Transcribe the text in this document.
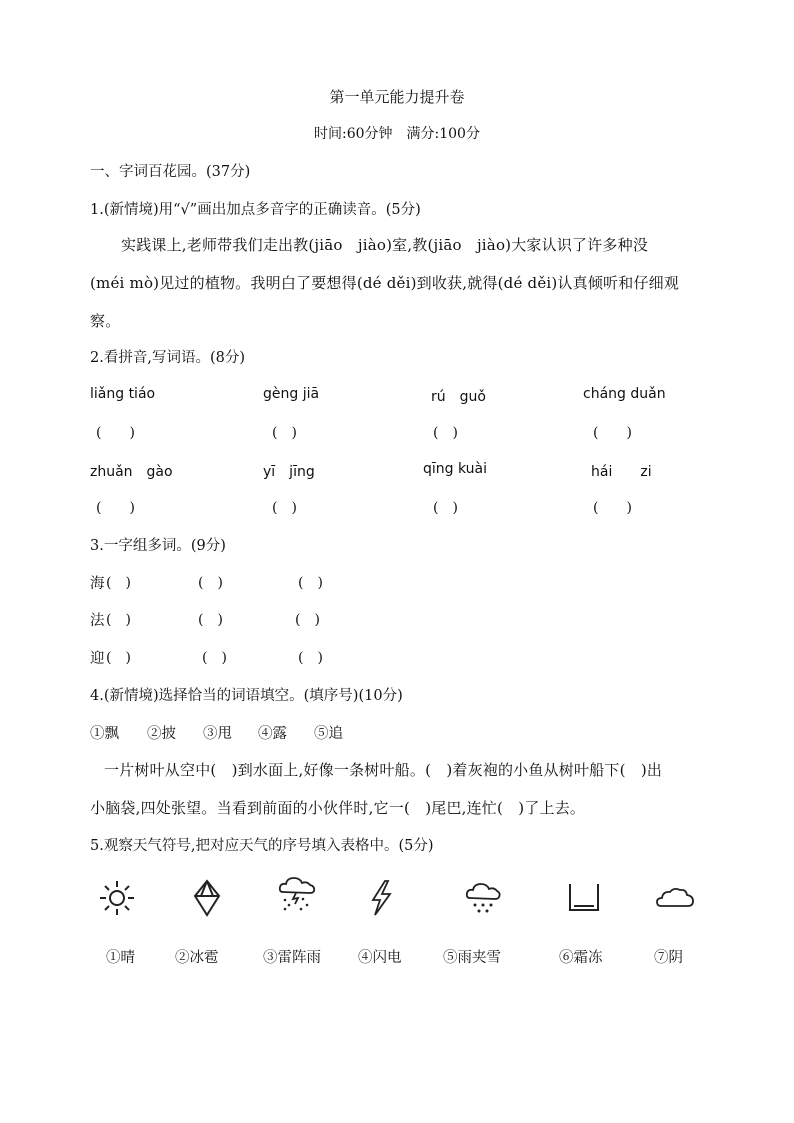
第一单元能力提升卷
时间:60分钟　满分:100分
一、字词百花园。(37分)
1.(新情境)用“√”画出加点多音字的正确读音。(5分)
实践课上,老师带我们走出教(jiāo　jiào)室,教(jiāo　jiào)大家认识了许多种没
(méi mò)见过的植物。我明白了要想得(dé děi)到收获,就得(dé děi)认真倾听和仔细观
察。
2.看拼音,写词语。(8分)
liǎng tiáo	gèng jiā	rú　guǒ	cháng duǎn
(　　)	(　)	(　)	(　　)
zhuǎn　gào	yī　jīng	qīng kuài	hái　　zi
(　　)	(　)	(　)	(　　)
3.一字组多词。(9分)
海 (　)	(　)	(　)
法 (　)	(　)	(　)
迎 (　)	(　)	(　)
4.(新情境)选择恰当的词语填空。(填序号)(10分)
①飘 ②披 ③甩 ④露 ⑤追
一片树叶从空中(　)到水面上,好像一条树叶船。(　)着灰袍的小鱼从树叶船下(　)出
小脑袋,四处张望。当看到前面的小伙伴时,它一(　)尾巴,连忙(　)了上去。
5.观察天气符号,把对应天气的序号填入表格中。(5分)
①晴	②冰雹	③雷阵雨	④闪电	⑤雨夹雪	⑥霜冻	⑦阴
